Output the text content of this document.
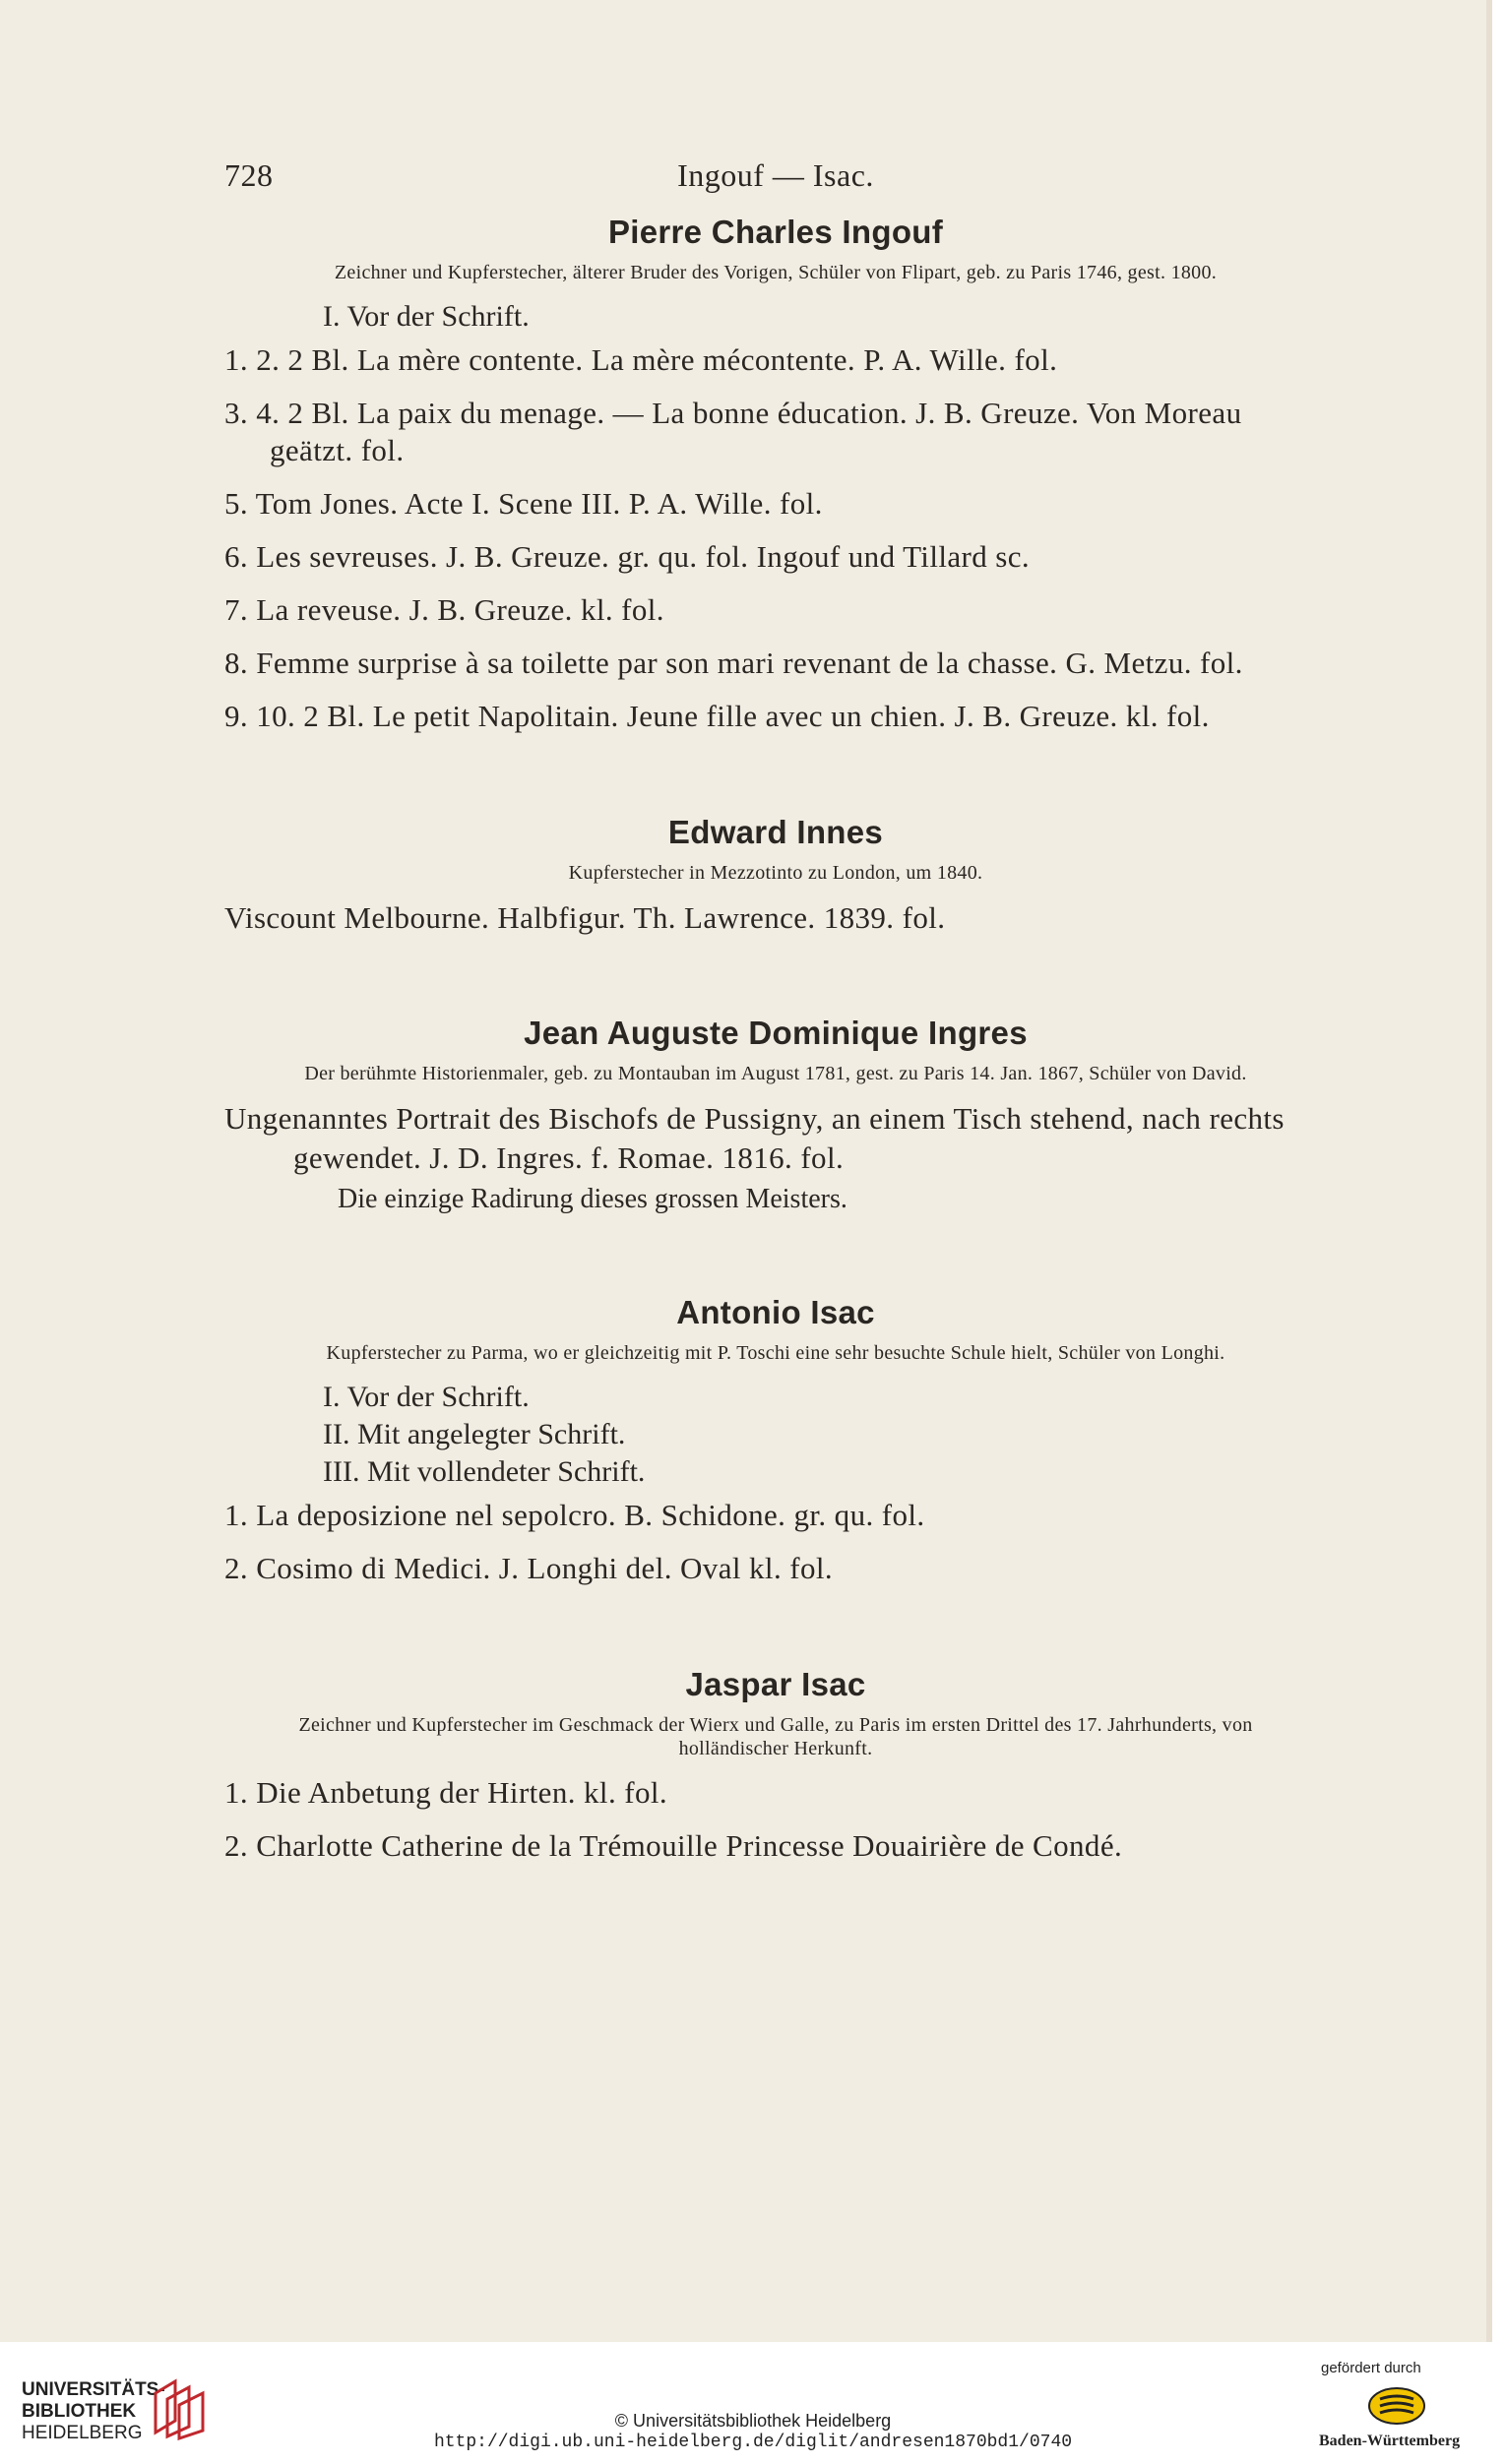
728	Ingouf — Isac.
Pierre Charles Ingouf
Zeichner und Kupferstecher, älterer Bruder des Vorigen, Schüler von Flipart, geb. zu Paris 1746, gest. 1800.
I. Vor der Schrift.
1. 2. 2 Bl. La mère contente. La mère mécontente. P. A. Wille. fol.
3. 4. 2 Bl. La paix du menage. — La bonne éducation. J. B. Greuze. Von Moreau geätzt. fol.
5. Tom Jones. Acte I. Scene III. P. A. Wille. fol.
6. Les sevreuses. J. B. Greuze. gr. qu. fol. Ingouf und Tillard sc.
7. La reveuse. J. B. Greuze. kl. fol.
8. Femme surprise à sa toilette par son mari revenant de la chasse. G. Metzu. fol.
9. 10. 2 Bl. Le petit Napolitain. Jeune fille avec un chien. J. B. Greuze. kl. fol.
Edward Innes
Kupferstecher in Mezzotinto zu London, um 1840.
Viscount Melbourne. Halbfigur. Th. Lawrence. 1839. fol.
Jean Auguste Dominique Ingres
Der berühmte Historienmaler, geb. zu Montauban im August 1781, gest. zu Paris 14. Jan. 1867, Schüler von David.
Ungenanntes Portrait des Bischofs de Pussigny, an einem Tisch stehend, nach rechts gewendet. J. D. Ingres. f. Romae. 1816. fol.
Die einzige Radirung dieses grossen Meisters.
Antonio Isac
Kupferstecher zu Parma, wo er gleichzeitig mit P. Toschi eine sehr besuchte Schule hielt, Schüler von Longhi.
I. Vor der Schrift.
II. Mit angelegter Schrift.
III. Mit vollendeter Schrift.
1. La deposizione nel sepolcro. B. Schidone. gr. qu. fol.
2. Cosimo di Medici. J. Longhi del. Oval kl. fol.
Jaspar Isac
Zeichner und Kupferstecher im Geschmack der Wierx und Galle, zu Paris im ersten Drittel des 17. Jahrhunderts, von holländischer Herkunft.
1. Die Anbetung der Hirten. kl. fol.
2. Charlotte Catherine de la Trémouille Princesse Douairière de Condé.
UNIVERSITÄTS-
BIBLIOTHEK
HEIDELBERG
© Universitätsbibliothek Heidelberg
http://digi.ub.uni-heidelberg.de/diglit/andresen1870bd1/0740
gefördert durch
Baden-Württemberg
